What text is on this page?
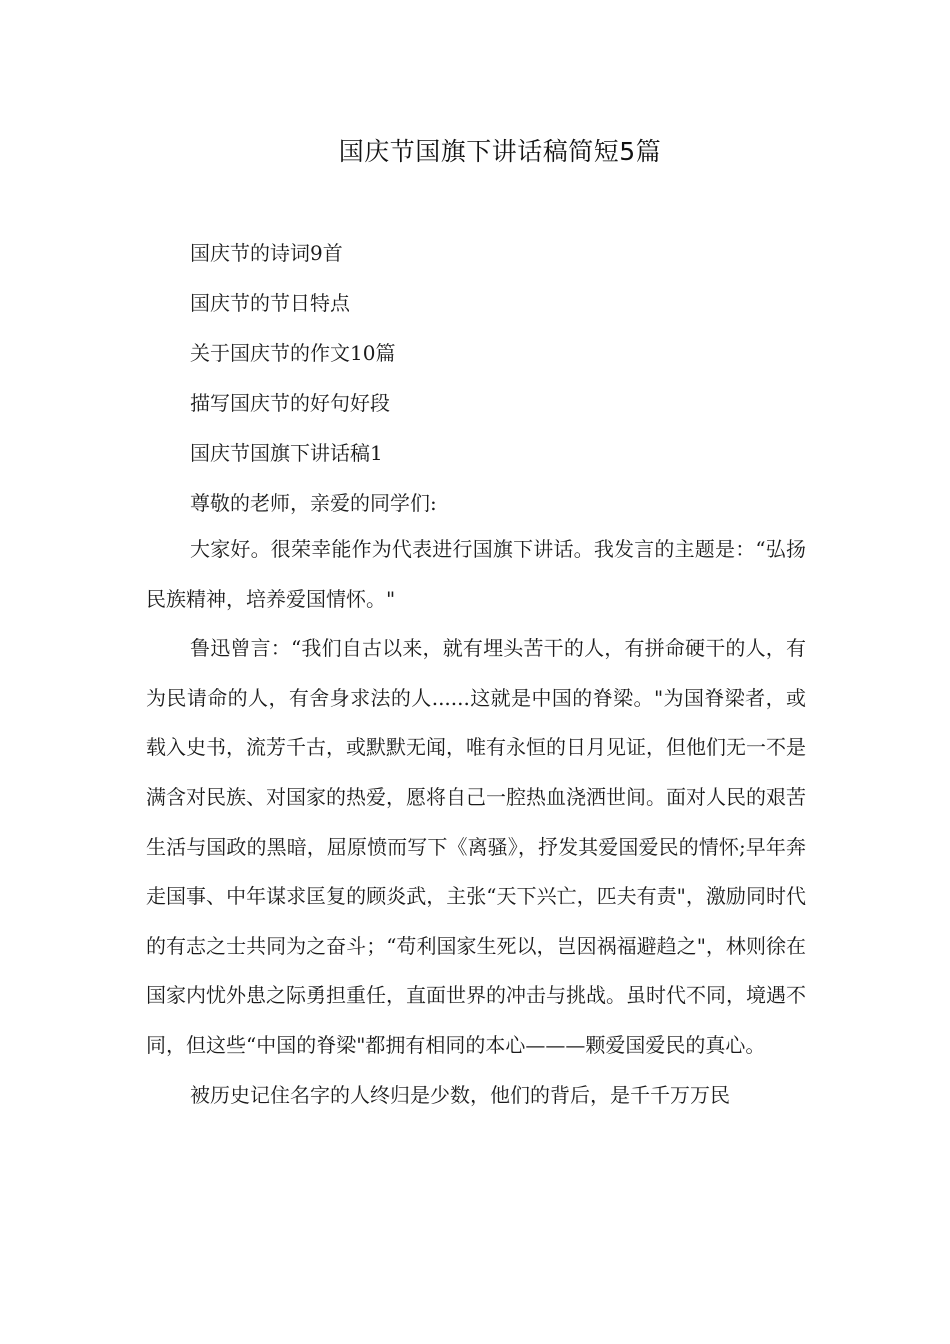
国庆节国旗下讲话稿简短5篇
国庆节的诗词9首
国庆节的节日特点
关于国庆节的作文10篇
描写国庆节的好句好段
国庆节国旗下讲话稿1
尊敬的老师，亲爱的同学们:

大家好。很荣幸能作为代表进行国旗下讲话。我发言的主题是：“弘扬民族精神，培养爱国情怀。"

鲁迅曾言：“我们自古以来，就有埋头苦干的人，有拼命硬干的人，有为民请命的人，有舍身求法的人......这就是中国的脊梁。"为国脊梁者，或载入史书，流芳千古，或默默无闻，唯有永恒的日月见证，但他们无一不是满含对民族、对国家的热爱，愿将自己一腔热血浇洒世间。面对人民的艰苦生活与国政的黑暗，屈原愤而写下《离骚》，抒发其爱国爱民的情怀;早年奔走国事、中年谋求匡复的顾炎武，主张“天下兴亡，匹夫有责"，激励同时代的有志之士共同为之奋斗；“苟利国家生死以，岂因祸福避趋之"，林则徐在国家内忧外患之际勇担重任，直面世界的冲击与挑战。虽时代不同，境遇不同，但这些“中国的脊梁"都拥有相同的本心———颗爱国爱民的真心。

被历史记住名字的人终归是少数，他们的背后，是千千万万民
